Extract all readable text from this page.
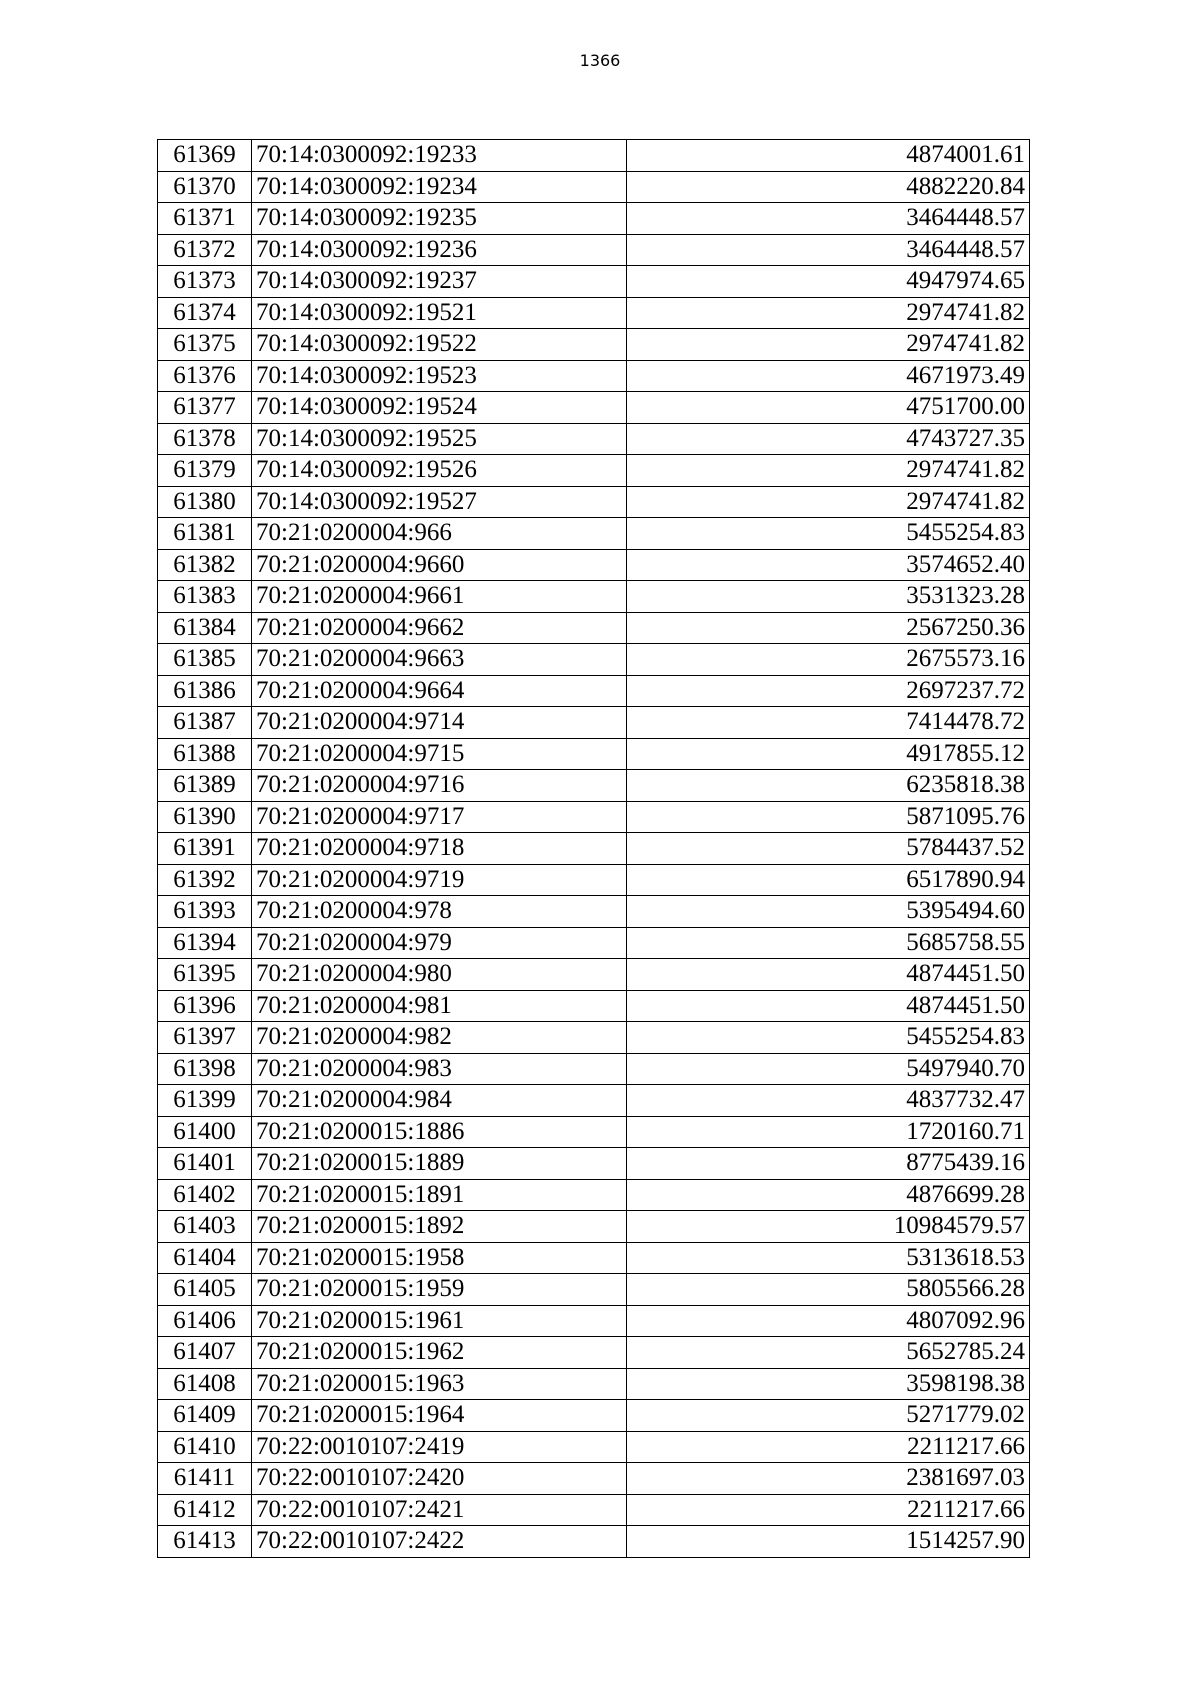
1366
61369	70:14:0300092:19233	4874001.61
61370	70:14:0300092:19234	4882220.84
61371	70:14:0300092:19235	3464448.57
61372	70:14:0300092:19236	3464448.57
61373	70:14:0300092:19237	4947974.65
61374	70:14:0300092:19521	2974741.82
61375	70:14:0300092:19522	2974741.82
61376	70:14:0300092:19523	4671973.49
61377	70:14:0300092:19524	4751700.00
61378	70:14:0300092:19525	4743727.35
61379	70:14:0300092:19526	2974741.82
61380	70:14:0300092:19527	2974741.82
61381	70:21:0200004:966	5455254.83
61382	70:21:0200004:9660	3574652.40
61383	70:21:0200004:9661	3531323.28
61384	70:21:0200004:9662	2567250.36
61385	70:21:0200004:9663	2675573.16
61386	70:21:0200004:9664	2697237.72
61387	70:21:0200004:9714	7414478.72
61388	70:21:0200004:9715	4917855.12
61389	70:21:0200004:9716	6235818.38
61390	70:21:0200004:9717	5871095.76
61391	70:21:0200004:9718	5784437.52
61392	70:21:0200004:9719	6517890.94
61393	70:21:0200004:978	5395494.60
61394	70:21:0200004:979	5685758.55
61395	70:21:0200004:980	4874451.50
61396	70:21:0200004:981	4874451.50
61397	70:21:0200004:982	5455254.83
61398	70:21:0200004:983	5497940.70
61399	70:21:0200004:984	4837732.47
61400	70:21:0200015:1886	1720160.71
61401	70:21:0200015:1889	8775439.16
61402	70:21:0200015:1891	4876699.28
61403	70:21:0200015:1892	10984579.57
61404	70:21:0200015:1958	5313618.53
61405	70:21:0200015:1959	5805566.28
61406	70:21:0200015:1961	4807092.96
61407	70:21:0200015:1962	5652785.24
61408	70:21:0200015:1963	3598198.38
61409	70:21:0200015:1964	5271779.02
61410	70:22:0010107:2419	2211217.66
61411	70:22:0010107:2420	2381697.03
61412	70:22:0010107:2421	2211217.66
61413	70:22:0010107:2422	1514257.90
